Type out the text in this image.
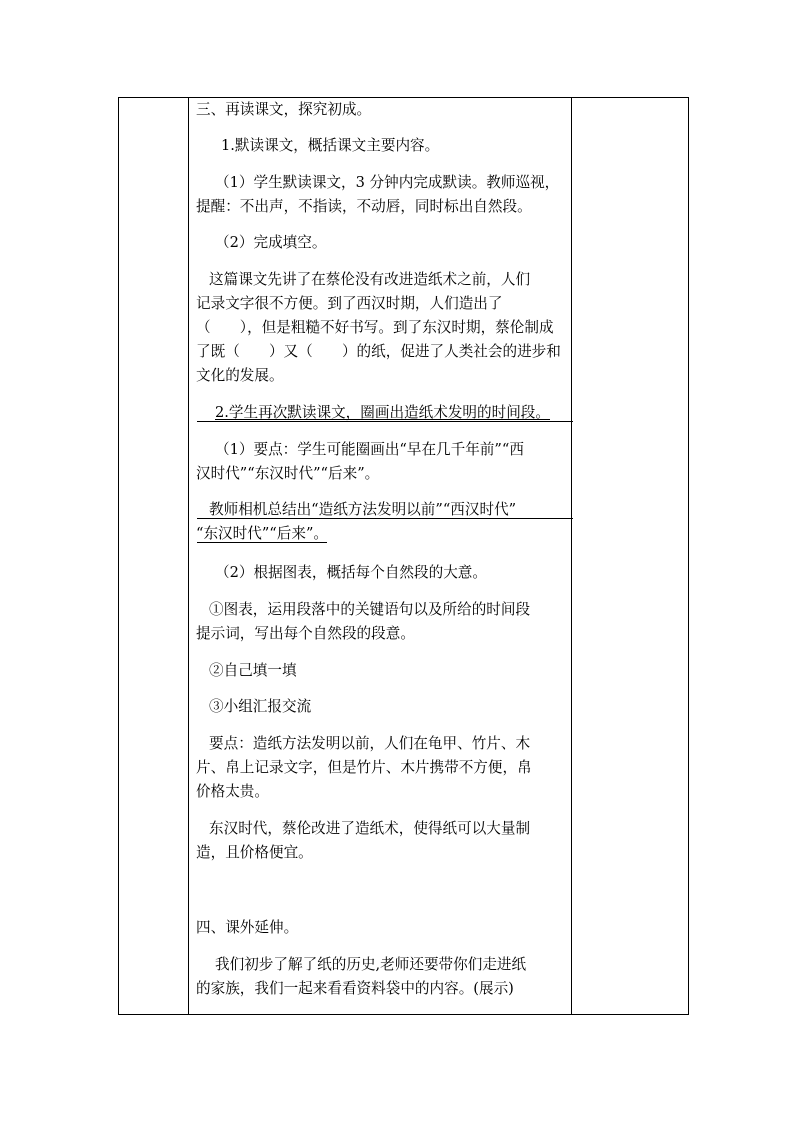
三、再读课文，探究初成。
1.默读课文，概括课文主要内容。
（1）学生默读课文，3 分钟内完成默读。教师巡视，
提醒：不出声，不指读，不动唇，同时标出自然段。
（2）完成填空。
这篇课文先讲了在蔡伦没有改进造纸术之前，人们
记录文字很不方便。到了西汉时期，人们造出了
（　　），但是粗糙不好书写。到了东汉时期，蔡伦制成
了既（　　）又（　　）的纸，促进了人类社会的进步和
文化的发展。
2.学生再次默读课文，圈画出造纸术发明的时间段。
（1）要点：学生可能圈画出“早在几千年前”“西
汉时代”“东汉时代”“后来”。
教师相机总结出“造纸方法发明以前”“西汉时代”
“东汉时代”“后来”。
（2）根据图表，概括每个自然段的大意。
①图表，运用段落中的关键语句以及所给的时间段
提示词，写出每个自然段的段意。
②自己填一填
③小组汇报交流
要点：造纸方法发明以前，人们在龟甲、竹片、木
片、帛上记录文字，但是竹片、木片携带不方便，帛
价格太贵。
东汉时代，蔡伦改进了造纸术，使得纸可以大量制
造，且价格便宜。
四、课外延伸。
我们初步了解了纸的历史,老师还要带你们走进纸
的家族，我们一起来看看资料袋中的内容。(展示)
